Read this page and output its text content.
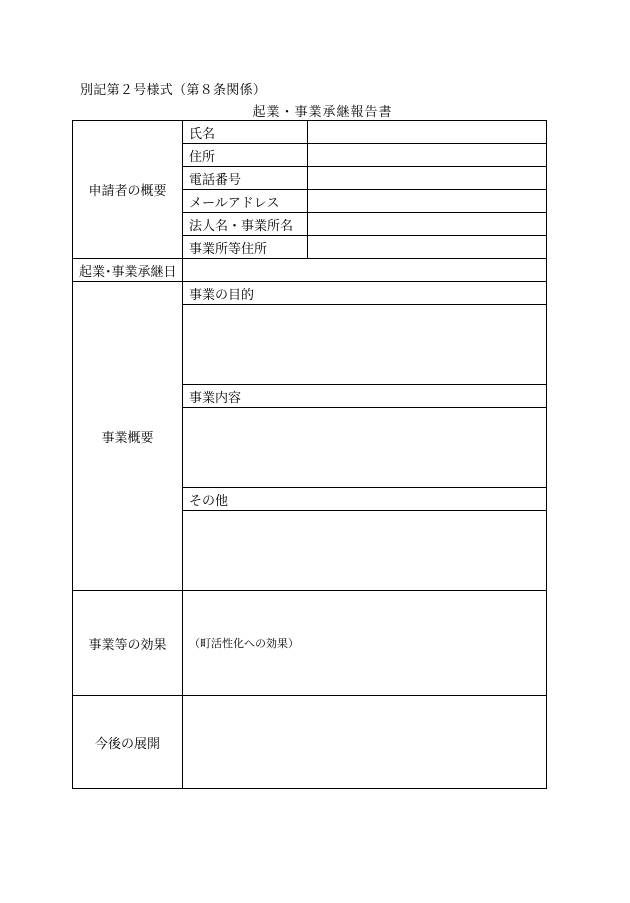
別記第２号様式（第８条関係）
起業・事業承継報告書
申請者の概要	氏名	
	住所	
	電話番号	
	メールアドレス	
	法人名・事業所名	
	事業所等住所	
起業･事業承継日		
事業概要	事業の目的	

	事業内容	

	その他	

事業等の効果	（町活性化への効果）	
今後の展開		
